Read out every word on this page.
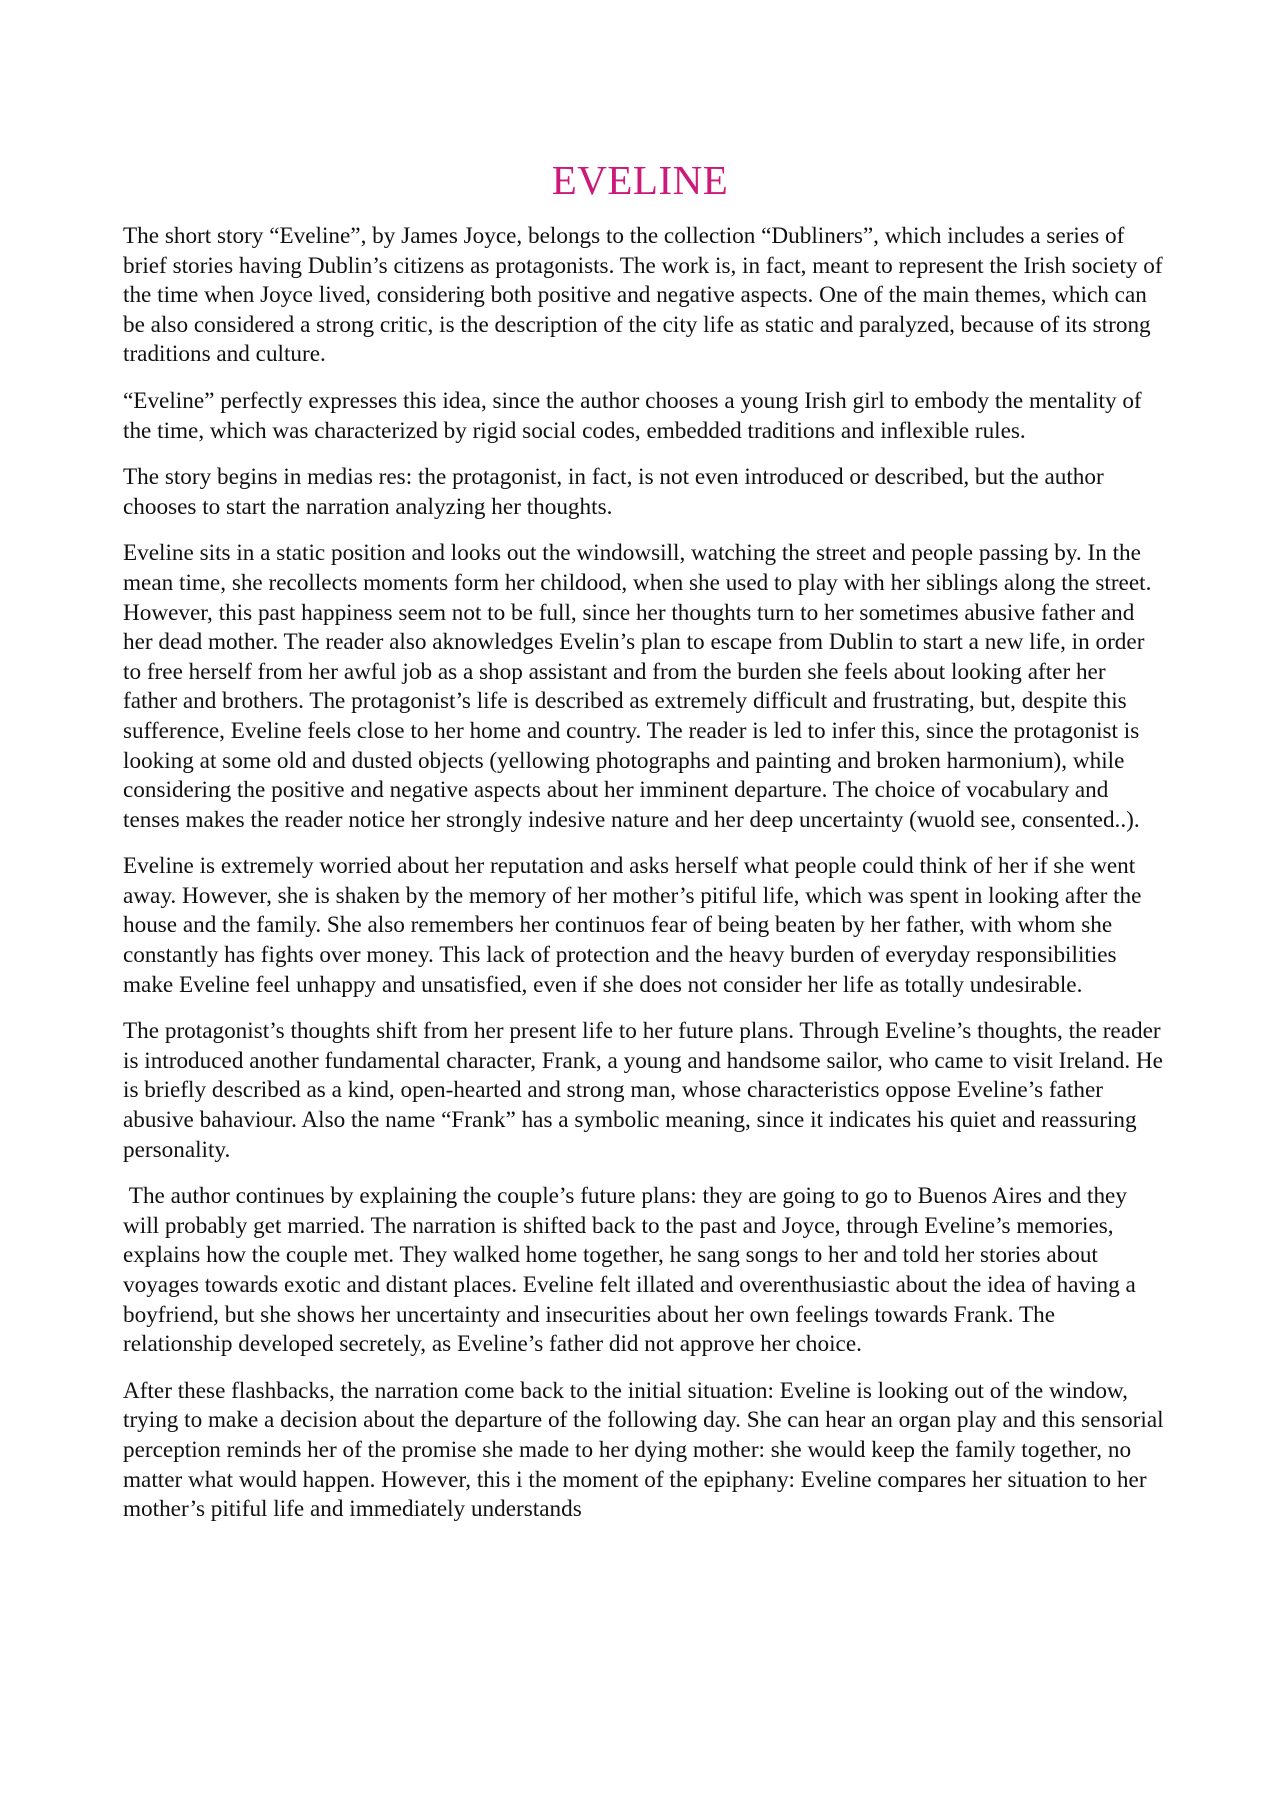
EVELINE

The short story “Eveline”, by James Joyce, belongs to the collection “Dubliners”, which includes a series of brief stories having Dublin’s citizens as protagonists. The work is, in fact, meant to represent the Irish society of the time when Joyce lived, considering both positive and negative aspects. One of the main themes, which can be also considered a strong critic, is the description of the city life as static and paralyzed, because of its strong traditions and culture.

“Eveline” perfectly expresses this idea, since the author chooses a young Irish girl to embody the mentality of the time, which was characterized by rigid social codes, embedded traditions and inflexible rules.

The story begins in medias res: the protagonist, in fact, is not even introduced or described, but the author chooses to start the narration analyzing her thoughts.

Eveline sits in a static position and looks out the windowsill, watching the street and people passing by. In the mean time, she recollects moments form her childood, when she used to play with her siblings along the street. However, this past happiness seem not to be full, since her thoughts turn to her sometimes abusive father and her dead mother. The reader also aknowledges Evelin’s plan to escape from Dublin to start a new life, in order to free herself from her awful job as a shop assistant and from the burden she feels about looking after her father and brothers. The protagonist’s life is described as extremely difficult and frustrating, but, despite this sufference, Eveline feels close to her home and country. The reader is led to infer this, since the protagonist is looking at some old and dusted objects (yellowing photographs and painting and broken harmonium), while considering the positive and negative aspects about her imminent departure. The choice of vocabulary and tenses makes the reader notice her strongly indesive nature and her deep uncertainty (wuold see, consented..).

Eveline is extremely worried about her reputation and asks herself what people could think of her if she went away. However, she is shaken by the memory of her mother’s pitiful life, which was spent in looking after the house and the family. She also remembers her continuos fear of being beaten by her father, with whom she constantly has fights over money. This lack of protection and the heavy burden of everyday responsibilities make Eveline feel unhappy and unsatisfied, even if she does not consider her life as totally undesirable.

The protagonist’s thoughts shift from her present life to her future plans. Through Eveline’s thoughts, the reader is introduced another fundamental character, Frank, a young and handsome sailor, who came to visit Ireland. He is briefly described as a kind, open-hearted and strong man, whose characteristics oppose Eveline’s father abusive bahaviour. Also the name “Frank” has a symbolic meaning, since it indicates his quiet and reassuring personality.

The author continues by explaining the couple’s future plans: they are going to go to Buenos Aires and they will probably get married. The narration is shifted back to the past and Joyce, through Eveline’s memories, explains how the couple met. They walked home together, he sang songs to her and told her stories about voyages towards exotic and distant places. Eveline felt illated and overenthusiastic about the idea of having a boyfriend, but she shows her uncertainty and insecurities about her own feelings towards Frank. The relationship developed secretely, as Eveline’s father did not approve her choice.

After these flashbacks, the narration come back to the initial situation: Eveline is looking out of the window, trying to make a decision about the departure of the following day. She can hear an organ play and this sensorial perception reminds her of the promise she made to her dying mother: she would keep the family together, no matter what would happen. However, this i the moment of the epiphany: Eveline compares her situation to her mother’s pitiful life and immediately understands
